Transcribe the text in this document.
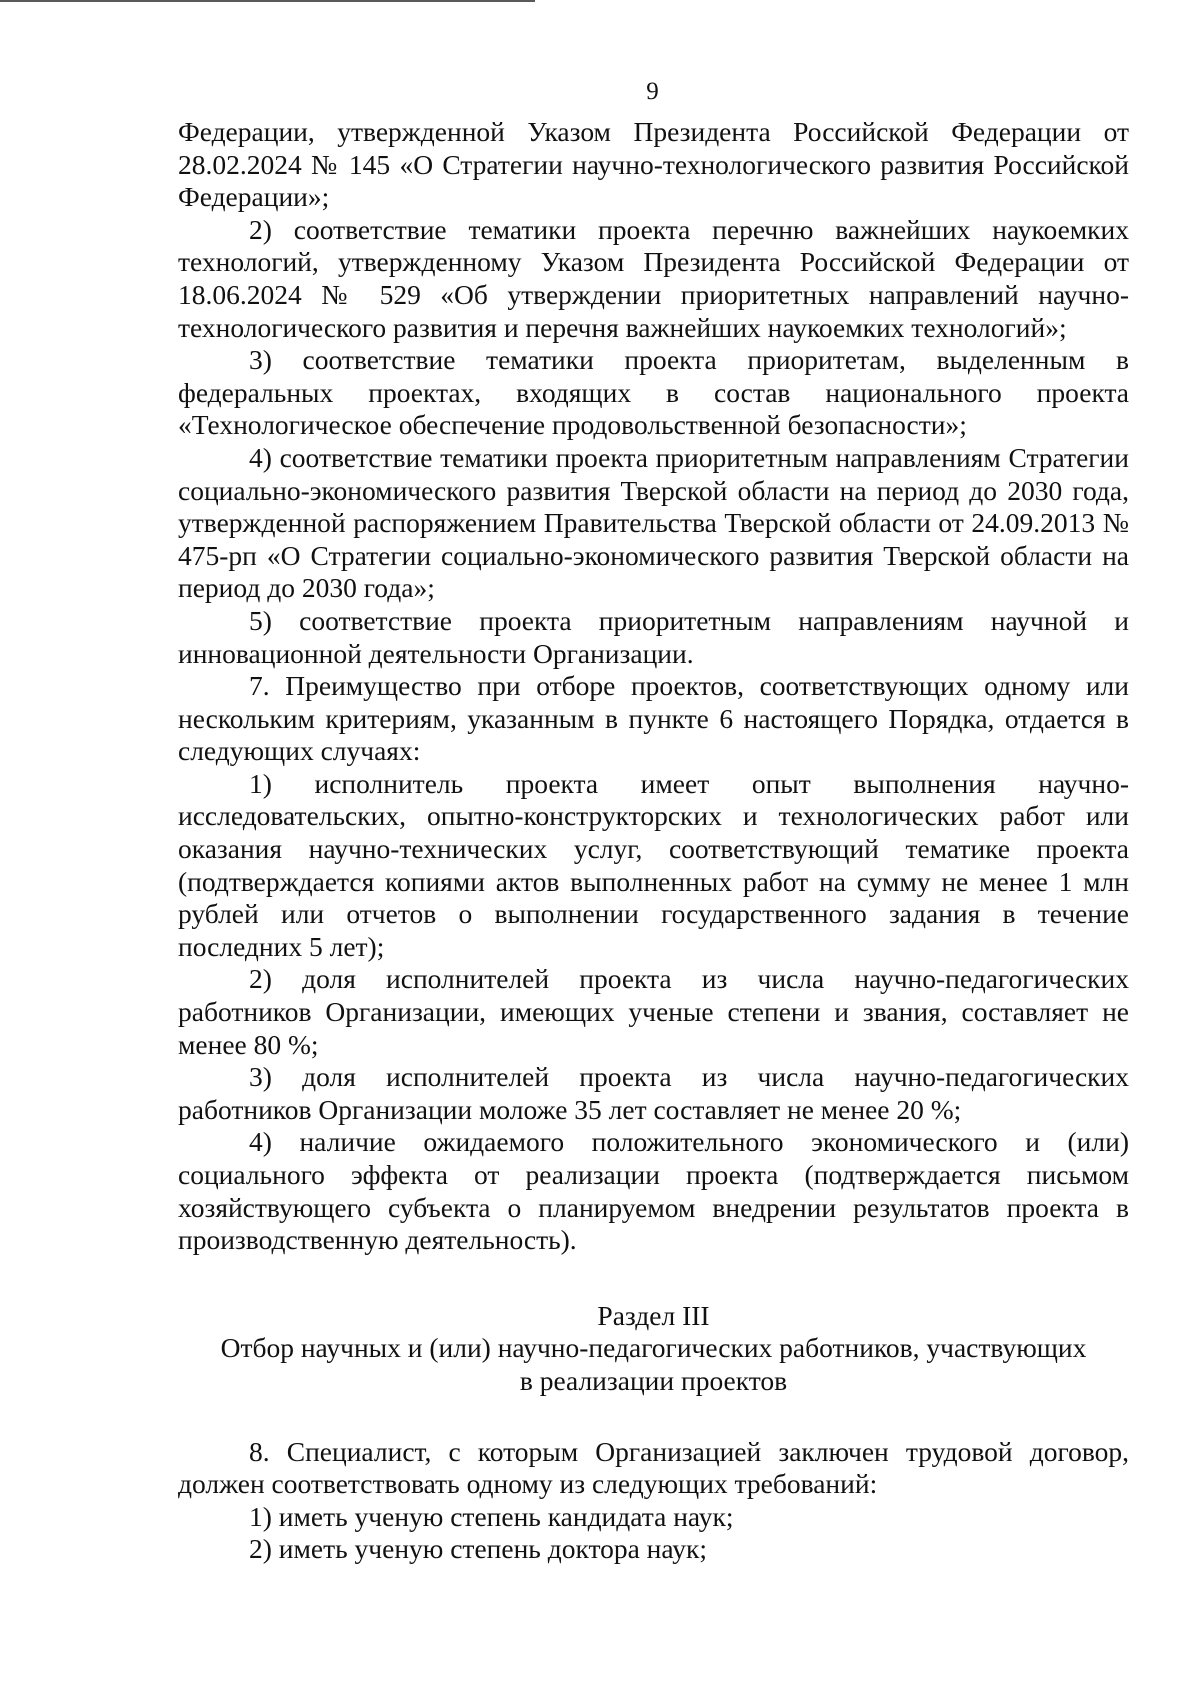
9

Федерации, утвержденной Указом Президента Российской Федерации от 28.02.2024 № 145 «О Стратегии научно-технологического развития Российской Федерации»;

2) соответствие тематики проекта перечню важнейших наукоемких технологий, утвержденному Указом Президента Российской Федерации от 18.06.2024 № 529 «Об утверждении приоритетных направлений научно-технологического развития и перечня важнейших наукоемких технологий»;

3) соответствие тематики проекта приоритетам, выделенным в федеральных проектах, входящих в состав национального проекта «Технологическое обеспечение продовольственной безопасности»;

4) соответствие тематики проекта приоритетным направлениям Стратегии социально-экономического развития Тверской области на период до 2030 года, утвержденной распоряжением Правительства Тверской области от 24.09.2013 № 475-рп «О Стратегии социально-экономического развития Тверской области на период до 2030 года»;

5) соответствие проекта приоритетным направлениям научной и инновационной деятельности Организации.

7. Преимущество при отборе проектов, соответствующих одному или нескольким критериям, указанным в пункте 6 настоящего Порядка, отдается в следующих случаях:

1) исполнитель проекта имеет опыт выполнения научно-исследовательских, опытно-конструкторских и технологических работ или оказания научно-технических услуг, соответствующий тематике проекта (подтверждается копиями актов выполненных работ на сумму не менее 1 млн рублей или отчетов о выполнении государственного задания в течение последних 5 лет);

2) доля исполнителей проекта из числа научно-педагогических работников Организации, имеющих ученые степени и звания, составляет не менее 80 %;

3) доля исполнителей проекта из числа научно-педагогических работников Организации моложе 35 лет составляет не менее 20 %;

4) наличие ожидаемого положительного экономического и (или) социального эффекта от реализации проекта (подтверждается письмом хозяйствующего субъекта о планируемом внедрении результатов проекта в производственную деятельность).

Раздел III

Отбор научных и (или) научно-педагогических работников, участвующих

в реализации проектов

8. Специалист, с которым Организацией заключен трудовой договор, должен соответствовать одному из следующих требований:

1) иметь ученую степень кандидата наук;

2) иметь ученую степень доктора наук;
